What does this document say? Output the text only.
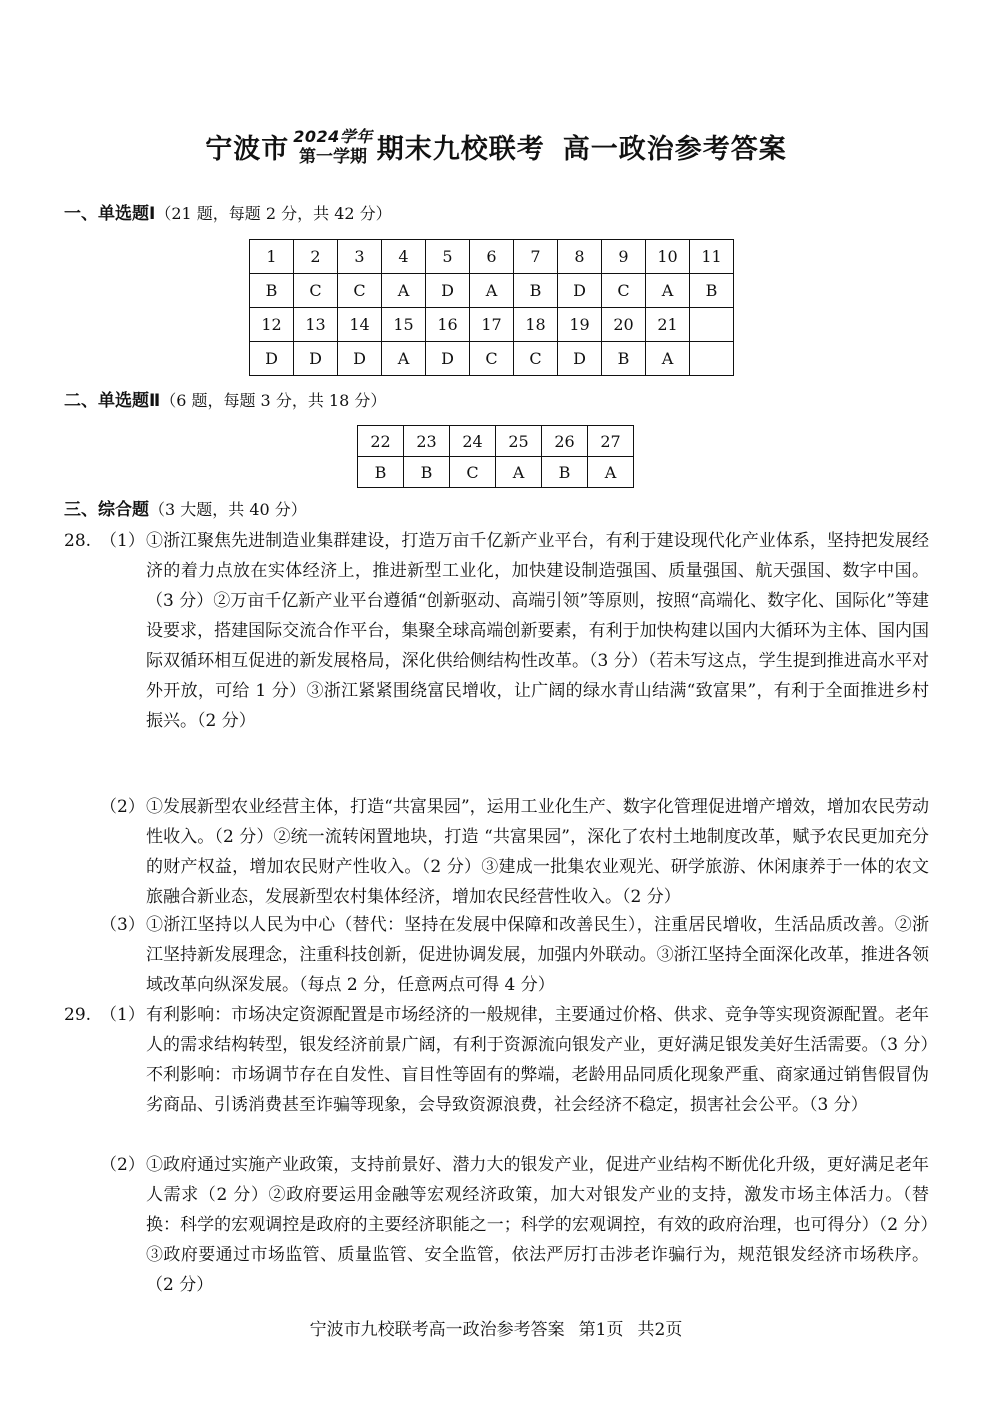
宁波市 2024学年
第一学期 期末九校联考 高一政治参考答案
一、单选题Ⅰ（21 题，每题 2 分，共 42 分）
1	2	3	4	5	6	7	8	9	10	11
B	C	C	A	D	A	B	D	C	A	B
12	13	14	15	16	17	18	19	20	21	
D	D	D	A	D	C	C	D	B	A	
二、单选题Ⅱ（6 题，每题 3 分，共 18 分）
22	23	24	25	26	27
B	B	C	A	B	A
三、综合题（3 大题，共 40 分）
28. （1） ①浙江聚焦先进制造业集群建设，打造万亩千亿新产业平台，有利于建设现代化产业体系，坚持把发展经济的着力点放在实体经济上，推进新型工业化，加快建设制造强国、质量强国、航天强国、数字中国。（3 分）②万亩千亿新产业平台遵循“创新驱动、高端引领”等原则，按照“高端化、数字化、国际化”等建设要求，搭建国际交流合作平台，集聚全球高端创新要素，有利于加快构建以国内大循环为主体、国内国际双循环相互促进的新发展格局，深化供给侧结构性改革。（3 分）（若未写这点，学生提到推进高水平对外开放，可给 1 分）③浙江紧紧围绕富民增收，让广阔的绿水青山结满“致富果”，有利于全面推进乡村振兴。（2 分）
（2） ①发展新型农业经营主体，打造“共富果园”，运用工业化生产、数字化管理促进增产增效，增加农民劳动性收入。（2 分）②统一流转闲置地块，打造 “共富果园”，深化了农村土地制度改革，赋予农民更加充分的财产权益，增加农民财产性收入。（2 分）③建成一批集农业观光、研学旅游、休闲康养于一体的农文旅融合新业态，发展新型农村集体经济，增加农民经营性收入。（2 分）
（3） ①浙江坚持以人民为中心（替代：坚持在发展中保障和改善民生），注重居民增收，生活品质改善。②浙江坚持新发展理念，注重科技创新，促进协调发展，加强内外联动。③浙江坚持全面深化改革，推进各领域改革向纵深发展。（每点 2 分，任意两点可得 4 分）
29. （1） 有利影响：市场决定资源配置是市场经济的一般规律，主要通过价格、供求、竞争等实现资源配置。老年人的需求结构转型，银发经济前景广阔，有利于资源流向银发产业，更好满足银发美好生活需要。（3 分）不利影响：市场调节存在自发性、盲目性等固有的弊端，老龄用品同质化现象严重、商家通过销售假冒伪劣商品、引诱消费甚至诈骗等现象，会导致资源浪费，社会经济不稳定，损害社会公平。（3 分）
（2） ①政府通过实施产业政策，支持前景好、潜力大的银发产业，促进产业结构不断优化升级，更好满足老年人需求（2 分）②政府要运用金融等宏观经济政策，加大对银发产业的支持，激发市场主体活力。（替换：科学的宏观调控是政府的主要经济职能之一；科学的宏观调控，有效的政府治理，也可得分）（2 分）③政府要通过市场监管、质量监管、安全监管，依法严厉打击涉老诈骗行为，规范银发经济市场秩序。（2 分）
宁波市九校联考高一政治参考答案 第1页 共2页
